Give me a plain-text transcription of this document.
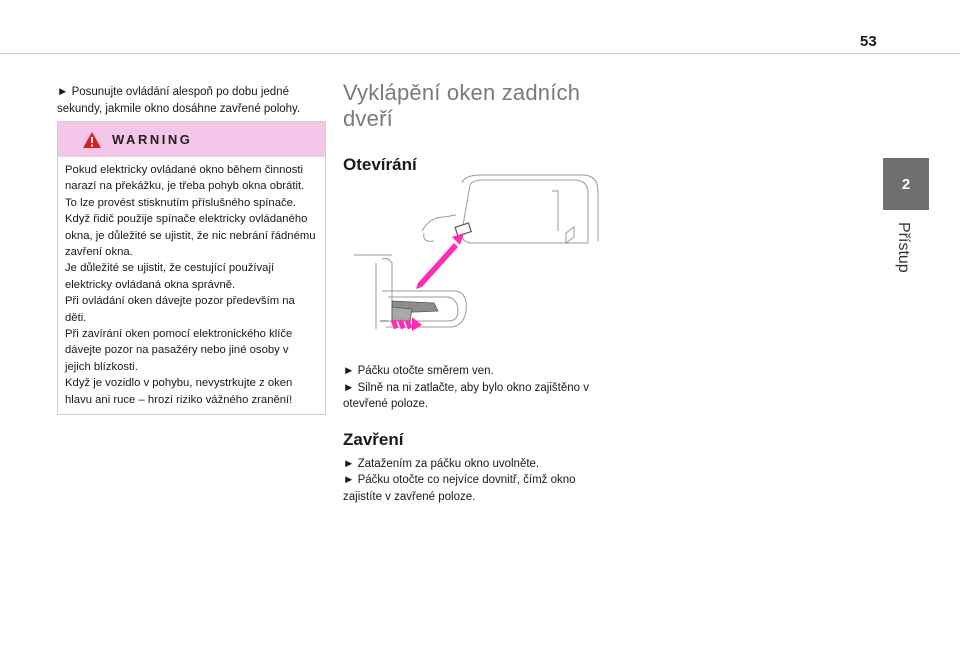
53
2
Přístup

► Posunujte ovládání alespoň po dobu jedné sekundy, jakmile okno dosáhne zavřené polohy.

WARNING

Pokud elektricky ovládané okno během činnosti narazí na překážku, je třeba pohyb okna obrátit. To lze provést stisknutím příslušného spínače.

Když řidič použije spínače elektricky ovládaného okna, je důležité se ujistit, že nic nebrání řádnému zavření okna.

Je důležité se ujistit, že cestující používají elektricky ovládaná okna správně.

Při ovládání oken dávejte pozor především na děti.

Při zavírání oken pomocí elektronického klíče dávejte pozor na pasažéry nebo jiné osoby v jejich blízkosti.

Když je vozidlo v pohybu, nevystrkujte z oken hlavu ani ruce – hrozí riziko vážného zranění!

Vyklápění oken zadních dveří
Otevírání

► Páčku otočte směrem ven.

► Silně na ni zatlačte, aby bylo okno zajištěno v otevřené poloze.

Zavření

► Zatažením za páčku okno uvolněte.

► Páčku otočte co nejvíce dovnitř, čímž okno zajistíte v zavřené poloze.
